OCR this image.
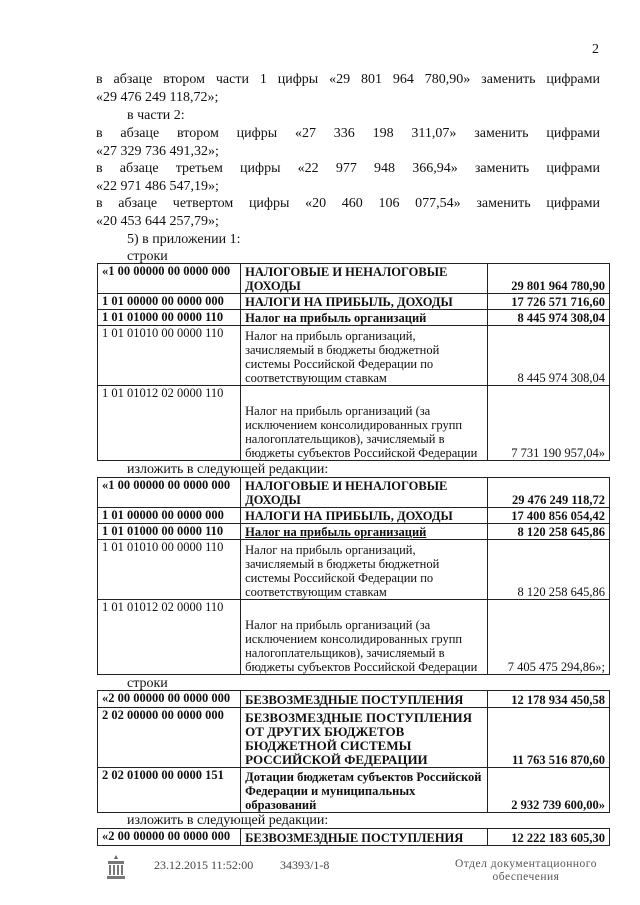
2
в абзаце втором части 1 цифры «29 801 964 780,90» заменить цифрами
«29 476 249 118,72»;
в части 2:
в абзаце втором цифры «27 336 198 311,07» заменить цифрами
«27 329 736 491,32»;
в абзаце третьем цифры «22 977 948 366,94» заменить цифрами
«22 971 486 547,19»;
в абзаце четвертом цифры «20 460 106 077,54» заменить цифрами
«20 453 644 257,79»;
5) в приложении 1:
строки
«1 00 00000 00 0000 000	НАЛОГОВЫЕ И НЕНАЛОГОВЫЕ ДОХОДЫ	29 801 964 780,90
1 01 00000 00 0000 000	НАЛОГИ НА ПРИБЫЛЬ, ДОХОДЫ	17 726 571 716,60
1 01 01000 00 0000 110	Налог на прибыль организаций	8 445 974 308,04
1 01 01010 00 0000 110	Налог на прибыль организаций, зачисляемый в бюджеты бюджетной системы Российской Федерации по соответствующим ставкам	8 445 974 308,04
1 01 01012 02 0000 110	Налог на прибыль организаций (за исключением консолидированных групп налогоплательщиков), зачисляемый в бюджеты субъектов Российской Федерации	7 731 190 957,04»
изложить в следующей редакции:
«1 00 00000 00 0000 000	НАЛОГОВЫЕ И НЕНАЛОГОВЫЕ ДОХОДЫ	29 476 249 118,72
1 01 00000 00 0000 000	НАЛОГИ НА ПРИБЫЛЬ, ДОХОДЫ	17 400 856 054,42
1 01 01000 00 0000 110	Налог на прибыль организаций	8 120 258 645,86
1 01 01010 00 0000 110	Налог на прибыль организаций, зачисляемый в бюджеты бюджетной системы Российской Федерации по соответствующим ставкам	8 120 258 645,86
1 01 01012 02 0000 110	Налог на прибыль организаций (за исключением консолидированных групп налогоплательщиков), зачисляемый в бюджеты субъектов Российской Федерации	7 405 475 294,86»;
строки
«2 00 00000 00 0000 000	БЕЗВОЗМЕЗДНЫЕ ПОСТУПЛЕНИЯ	12 178 934 450,58
2 02 00000 00 0000 000	БЕЗВОЗМЕЗДНЫЕ ПОСТУПЛЕНИЯ ОТ ДРУГИХ БЮДЖЕТОВ БЮДЖЕТНОЙ СИСТЕМЫ РОССИЙСКОЙ ФЕДЕРАЦИИ	11 763 516 870,60
2 02 01000 00 0000 151	Дотации бюджетам субъектов Российской Федерации и муниципальных образований	2 932 739 600,00»
изложить в следующей редакции:
«2 00 00000 00 0000 000	БЕЗВОЗМЕЗДНЫЕ ПОСТУПЛЕНИЯ	12 222 183 605,30
23.12.2015 11:52:00 34393/1-8	Отдел документационного
обеспечения
